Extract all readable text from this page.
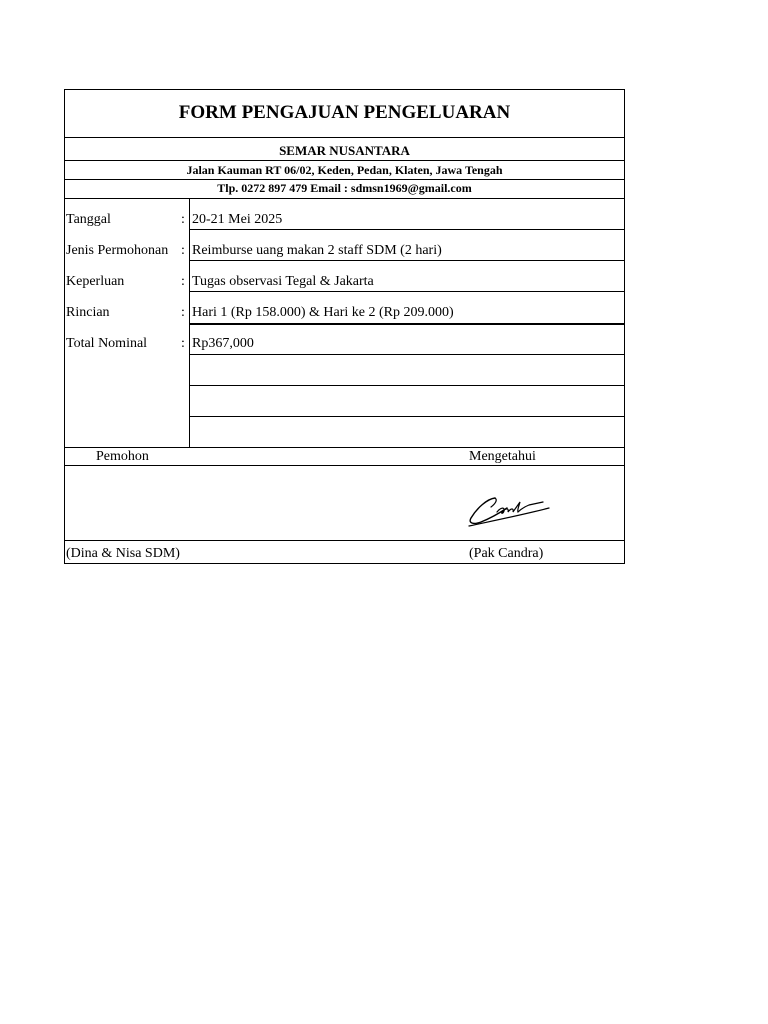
FORM PENGAJUAN PENGELUARAN
SEMAR NUSANTARA
Jalan Kauman RT 06/02, Keden, Pedan, Klaten, Jawa Tengah
Tlp. 0272 897 479 Email : sdmsn1969@gmail.com
Tanggal	: 20-21 Mei 2025
Jenis Permohonan : Reimburse uang makan 2 staff SDM (2 hari)
Keperluan	: Tugas observasi Tegal & Jakarta
Rincian	: Hari 1 (Rp 158.000) & Hari ke 2 (Rp 209.000)
Total Nominal : Rp367,000
Pemohon	Mengetahui
(Dina & Nisa SDM)	(Pak Candra)
